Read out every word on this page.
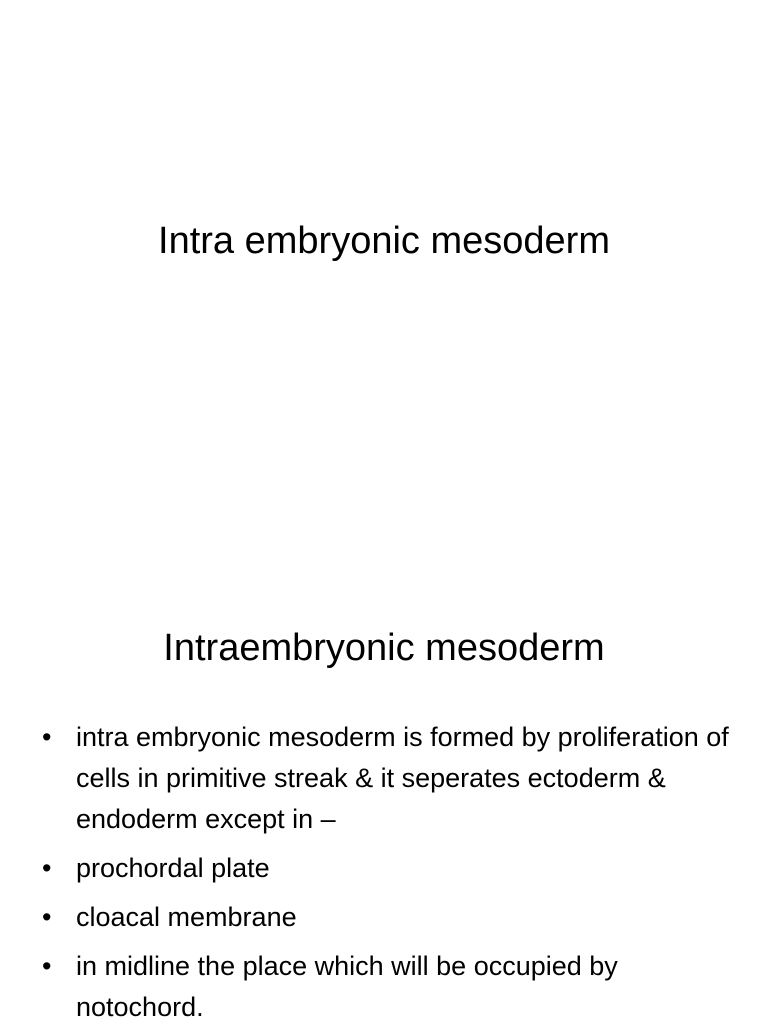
Intra embryonic mesoderm
Intraembryonic mesoderm
• intra embryonic mesoderm is formed by proliferation of cells in primitive streak & it seperates ectoderm & endoderm except in –
• prochordal plate
• cloacal membrane
• in midline the place which will be occupied by notochord.
